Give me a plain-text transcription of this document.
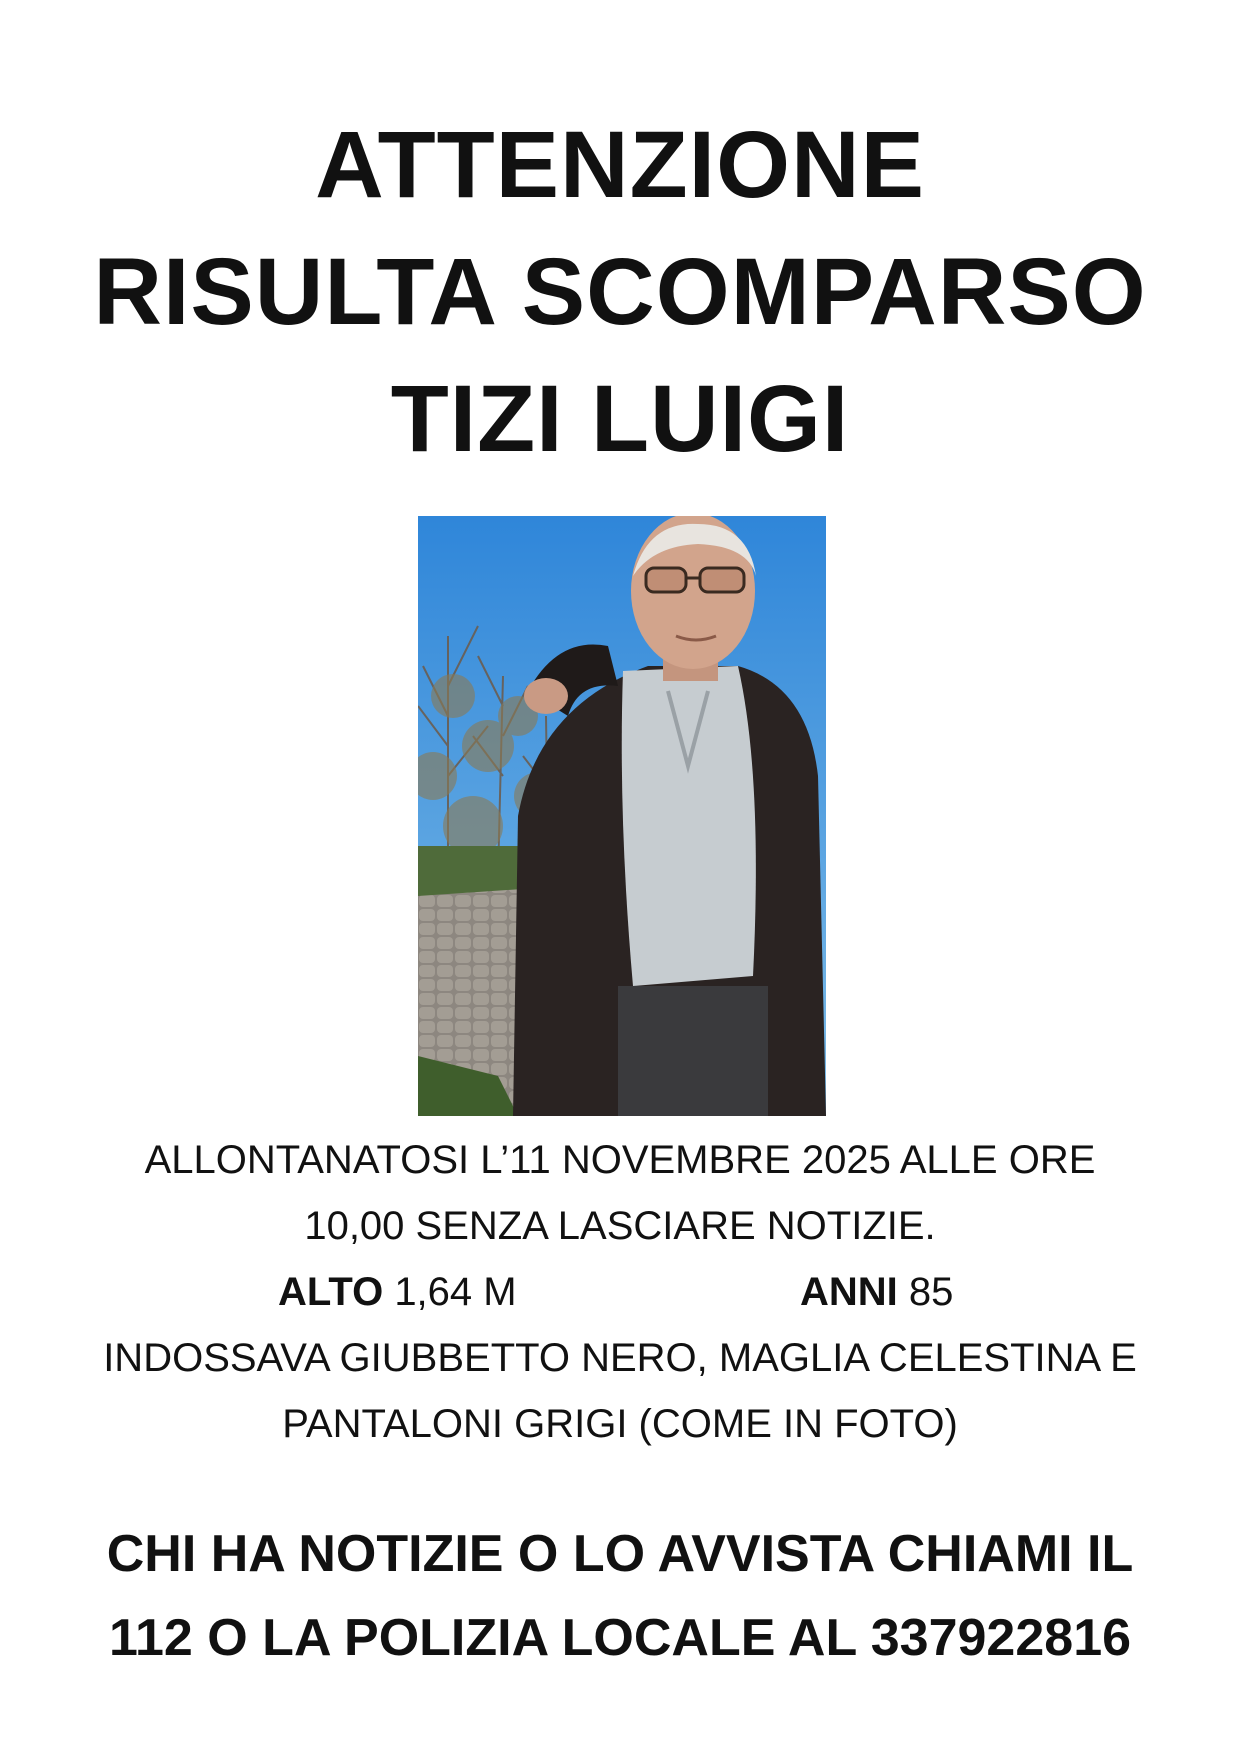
ATTENZIONE
RISULTA SCOMPARSO
TIZI LUIGI
ALLONTANATOSI L’11 NOVEMBRE 2025 ALLE ORE
10,00 SENZA LASCIARE NOTIZIE.
ALTO 1,64 M	ANNI 85
INDOSSAVA GIUBBETTO NERO, MAGLIA CELESTINA E
PANTALONI GRIGI (COME IN FOTO)
CHI HA NOTIZIE O LO AVVISTA CHIAMI IL
112 O LA POLIZIA LOCALE AL 337922816
